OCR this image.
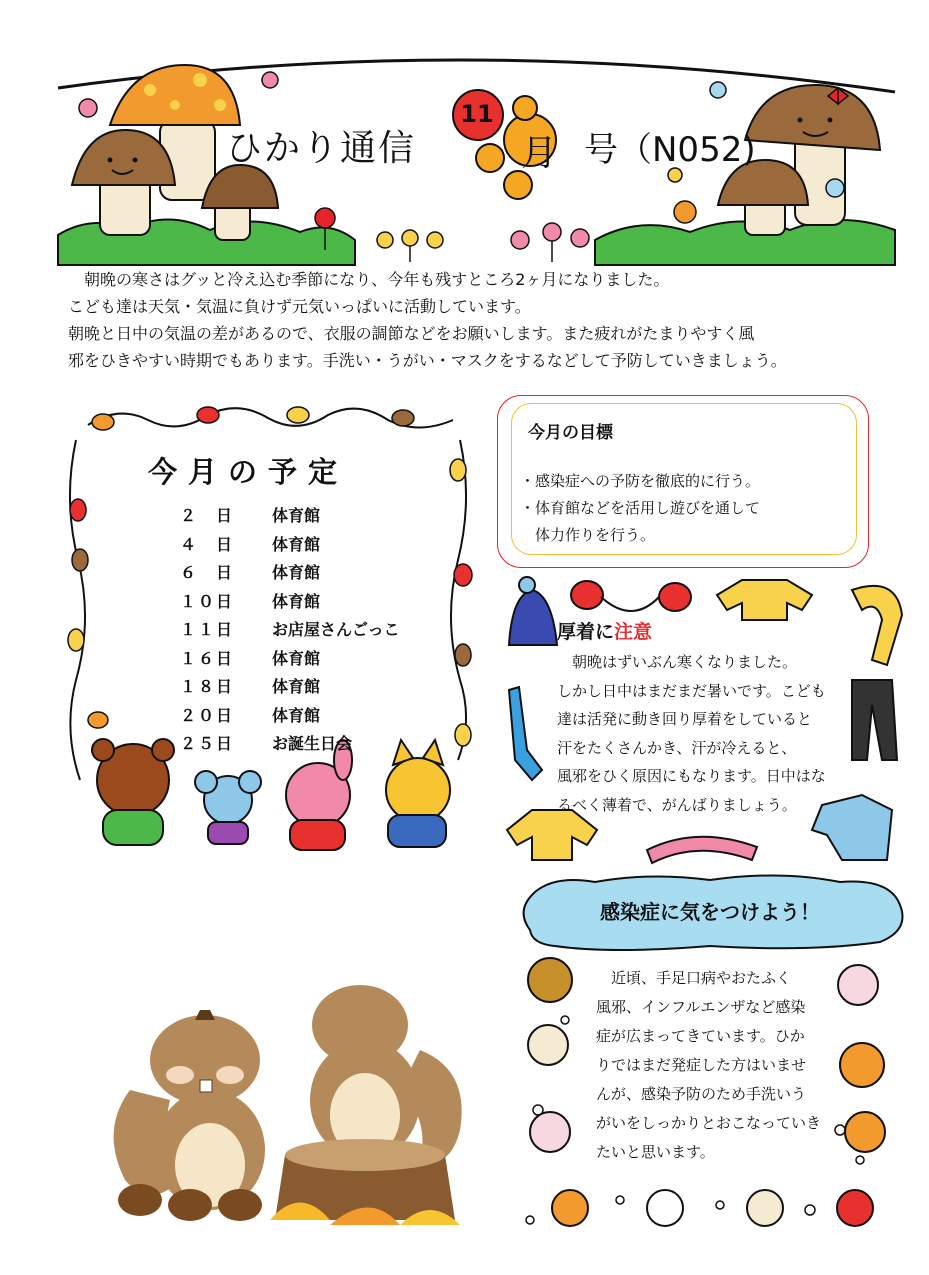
ひかり通信
11
月 号（N052)

　朝晩の寒さはグッと冷え込む季節になり、今年も残すところ2ヶ月になりました。

こども達は天気・気温に負けず元気いっぱいに活動しています。

朝晩と日中の気温の差があるので、衣服の調節などをお願いします。また疲れがたまりやすく風

邪をひきやすい時期でもあります。手洗い・うがい・マスクをするなどして予防していきましょう。

今月の予定
２　日 体育館
４　日 体育館
６　日 体育館
１０日 体育館
１１日 お店屋さんごっこ
１６日 体育館
１８日 体育館
２０日 体育館
２５日 お誕生日会
今月の目標
・感染症への予防を徹底的に行う。
・体育館などを活用し遊びを通して
　体力作りを行う。
厚着に注意
　朝晩はずいぶん寒くなりました。
しかし日中はまだまだ暑いです。こども
達は活発に動き回り厚着をしていると
汗をたくさんかき、汗が冷えると、
風邪をひく原因にもなります。日中はな
るべく薄着で、がんばりましょう。
感染症に気をつけよう！
　近頃、手足口病やおたふく
風邪、インフルエンザなど感染
症が広まってきています。ひか
りではまだ発症した方はいませ
んが、感染予防のため手洗いう
がいをしっかりとおこなっていき
たいと思います。
